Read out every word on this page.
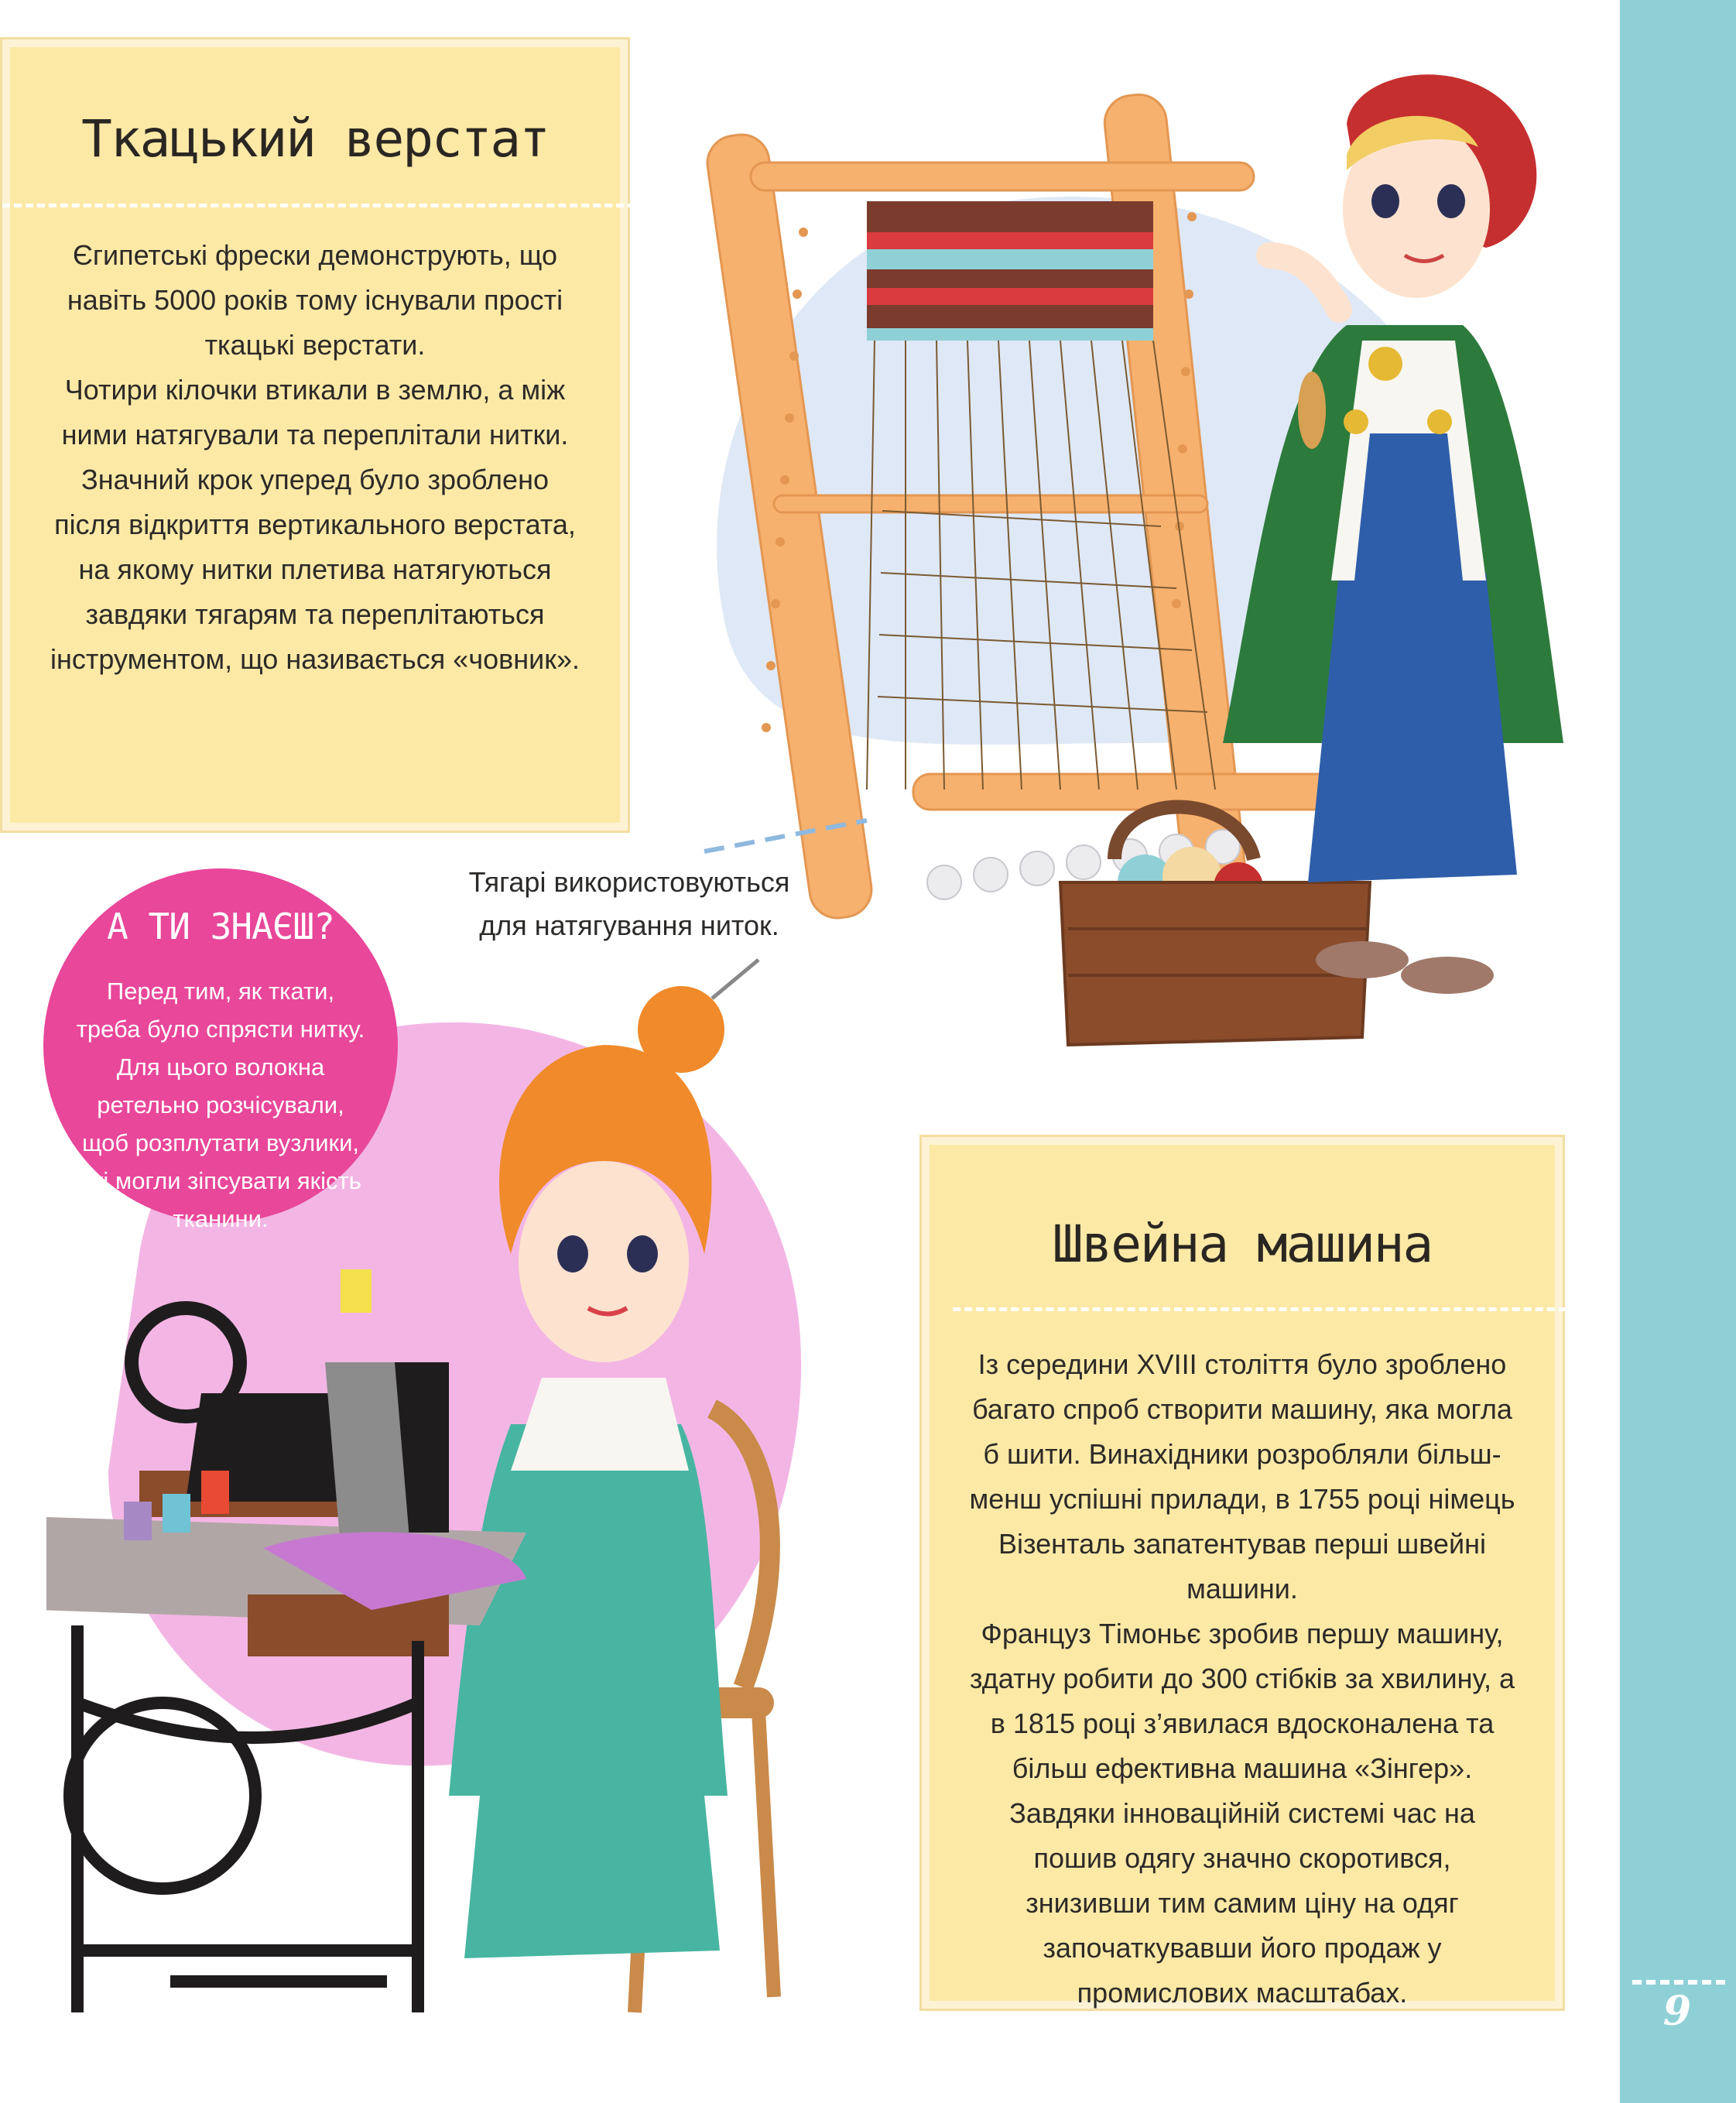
9
Ткацький верстат
Єгипетські фрески демонструють, що навіть 5000 років тому існували прості ткацькі верстати.
Чотири кілочки втикали в землю, а між ними натягували та переплітали нитки.
Значний крок уперед було зроблено після відкриття вертикального верстата, на якому нитки плетива натягуються завдяки тягарям та переплітаються інструментом, що називається «човник».
Тягарі використовуються для натягування ниток.
А ТИ ЗНАЄШ?
Перед тим, як ткати, треба було спрясти нитку. Для цього волокна ретельно розчісували, щоб розплутати вузлики, які могли зіпсувати якість тканини.	Швейна машина
Із середини XVIII століття було зроблено багато спроб створити машину, яка могла б шити. Винахідники розробляли більш-менш успішні прилади, в 1755 році німець Візенталь запатентував перші швейні машини.
Француз Тімоньє зробив першу машину, здатну робити до 300 стібків за хвилину, а в 1815 році з’явилася вдосконалена та більш ефективна машина «Зінгер». Завдяки інноваційній системі час на пошив одягу значно скоротився, знизивши тим самим ціну на одяг започаткувавши його продаж у промислових масштабах.
